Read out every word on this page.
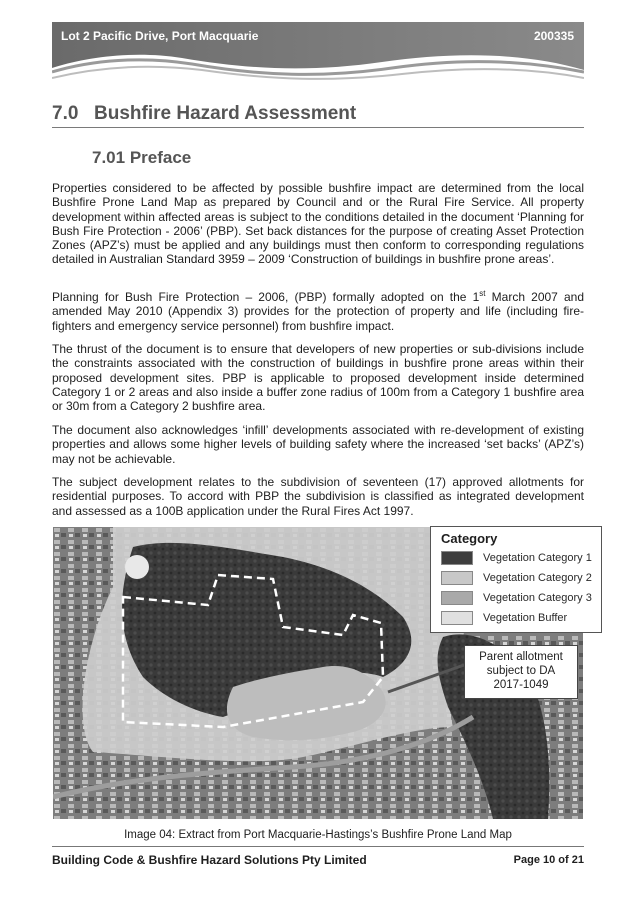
Lot 2 Pacific Drive, Port Macquarie	200335
7.0 Bushfire Hazard Assessment
7.01 Preface

Properties considered to be affected by possible bushfire impact are determined from the local Bushfire Prone Land Map as prepared by Council and or the Rural Fire Service. All property development within affected areas is subject to the conditions detailed in the document ‘Planning for Bush Fire Protection - 2006’ (PBP). Set back distances for the purpose of creating Asset Protection Zones (APZ’s) must be applied and any buildings must then conform to corresponding regulations detailed in Australian Standard 3959 – 2009 ‘Construction of buildings in bushfire prone areas’.

Planning for Bush Fire Protection – 2006, (PBP) formally adopted on the 1st March 2007 and amended May 2010 (Appendix 3) provides for the protection of property and life (including fire-fighters and emergency service personnel) from bushfire impact.

The thrust of the document is to ensure that developers of new properties or sub-divisions include the constraints associated with the construction of buildings in bushfire prone areas within their proposed development sites. PBP is applicable to proposed development inside determined Category 1 or 2 areas and also inside a buffer zone radius of 100m from a Category 1 bushfire area or 30m from a Category 2 bushfire area.

The document also acknowledges ‘infill’ developments associated with re-development of existing properties and allows some higher levels of building safety where the increased ‘set backs’ (APZ’s) may not be achievable.

The subject development relates to the subdivision of seventeen (17) approved allotments for residential purposes. To accord with PBP the subdivision is classified as integrated development and assessed as a 100B application under the Rural Fires Act 1997.

Category
Vegetation Category 1
Vegetation Category 2
Vegetation Category 3
Vegetation Buffer
Parent allotment
subject to DA
2017-1049
Image 04: Extract from Port Macquarie-Hastings’s Bushfire Prone Land Map
Building Code & Bushfire Hazard Solutions Pty Limited	Page 10 of 21
